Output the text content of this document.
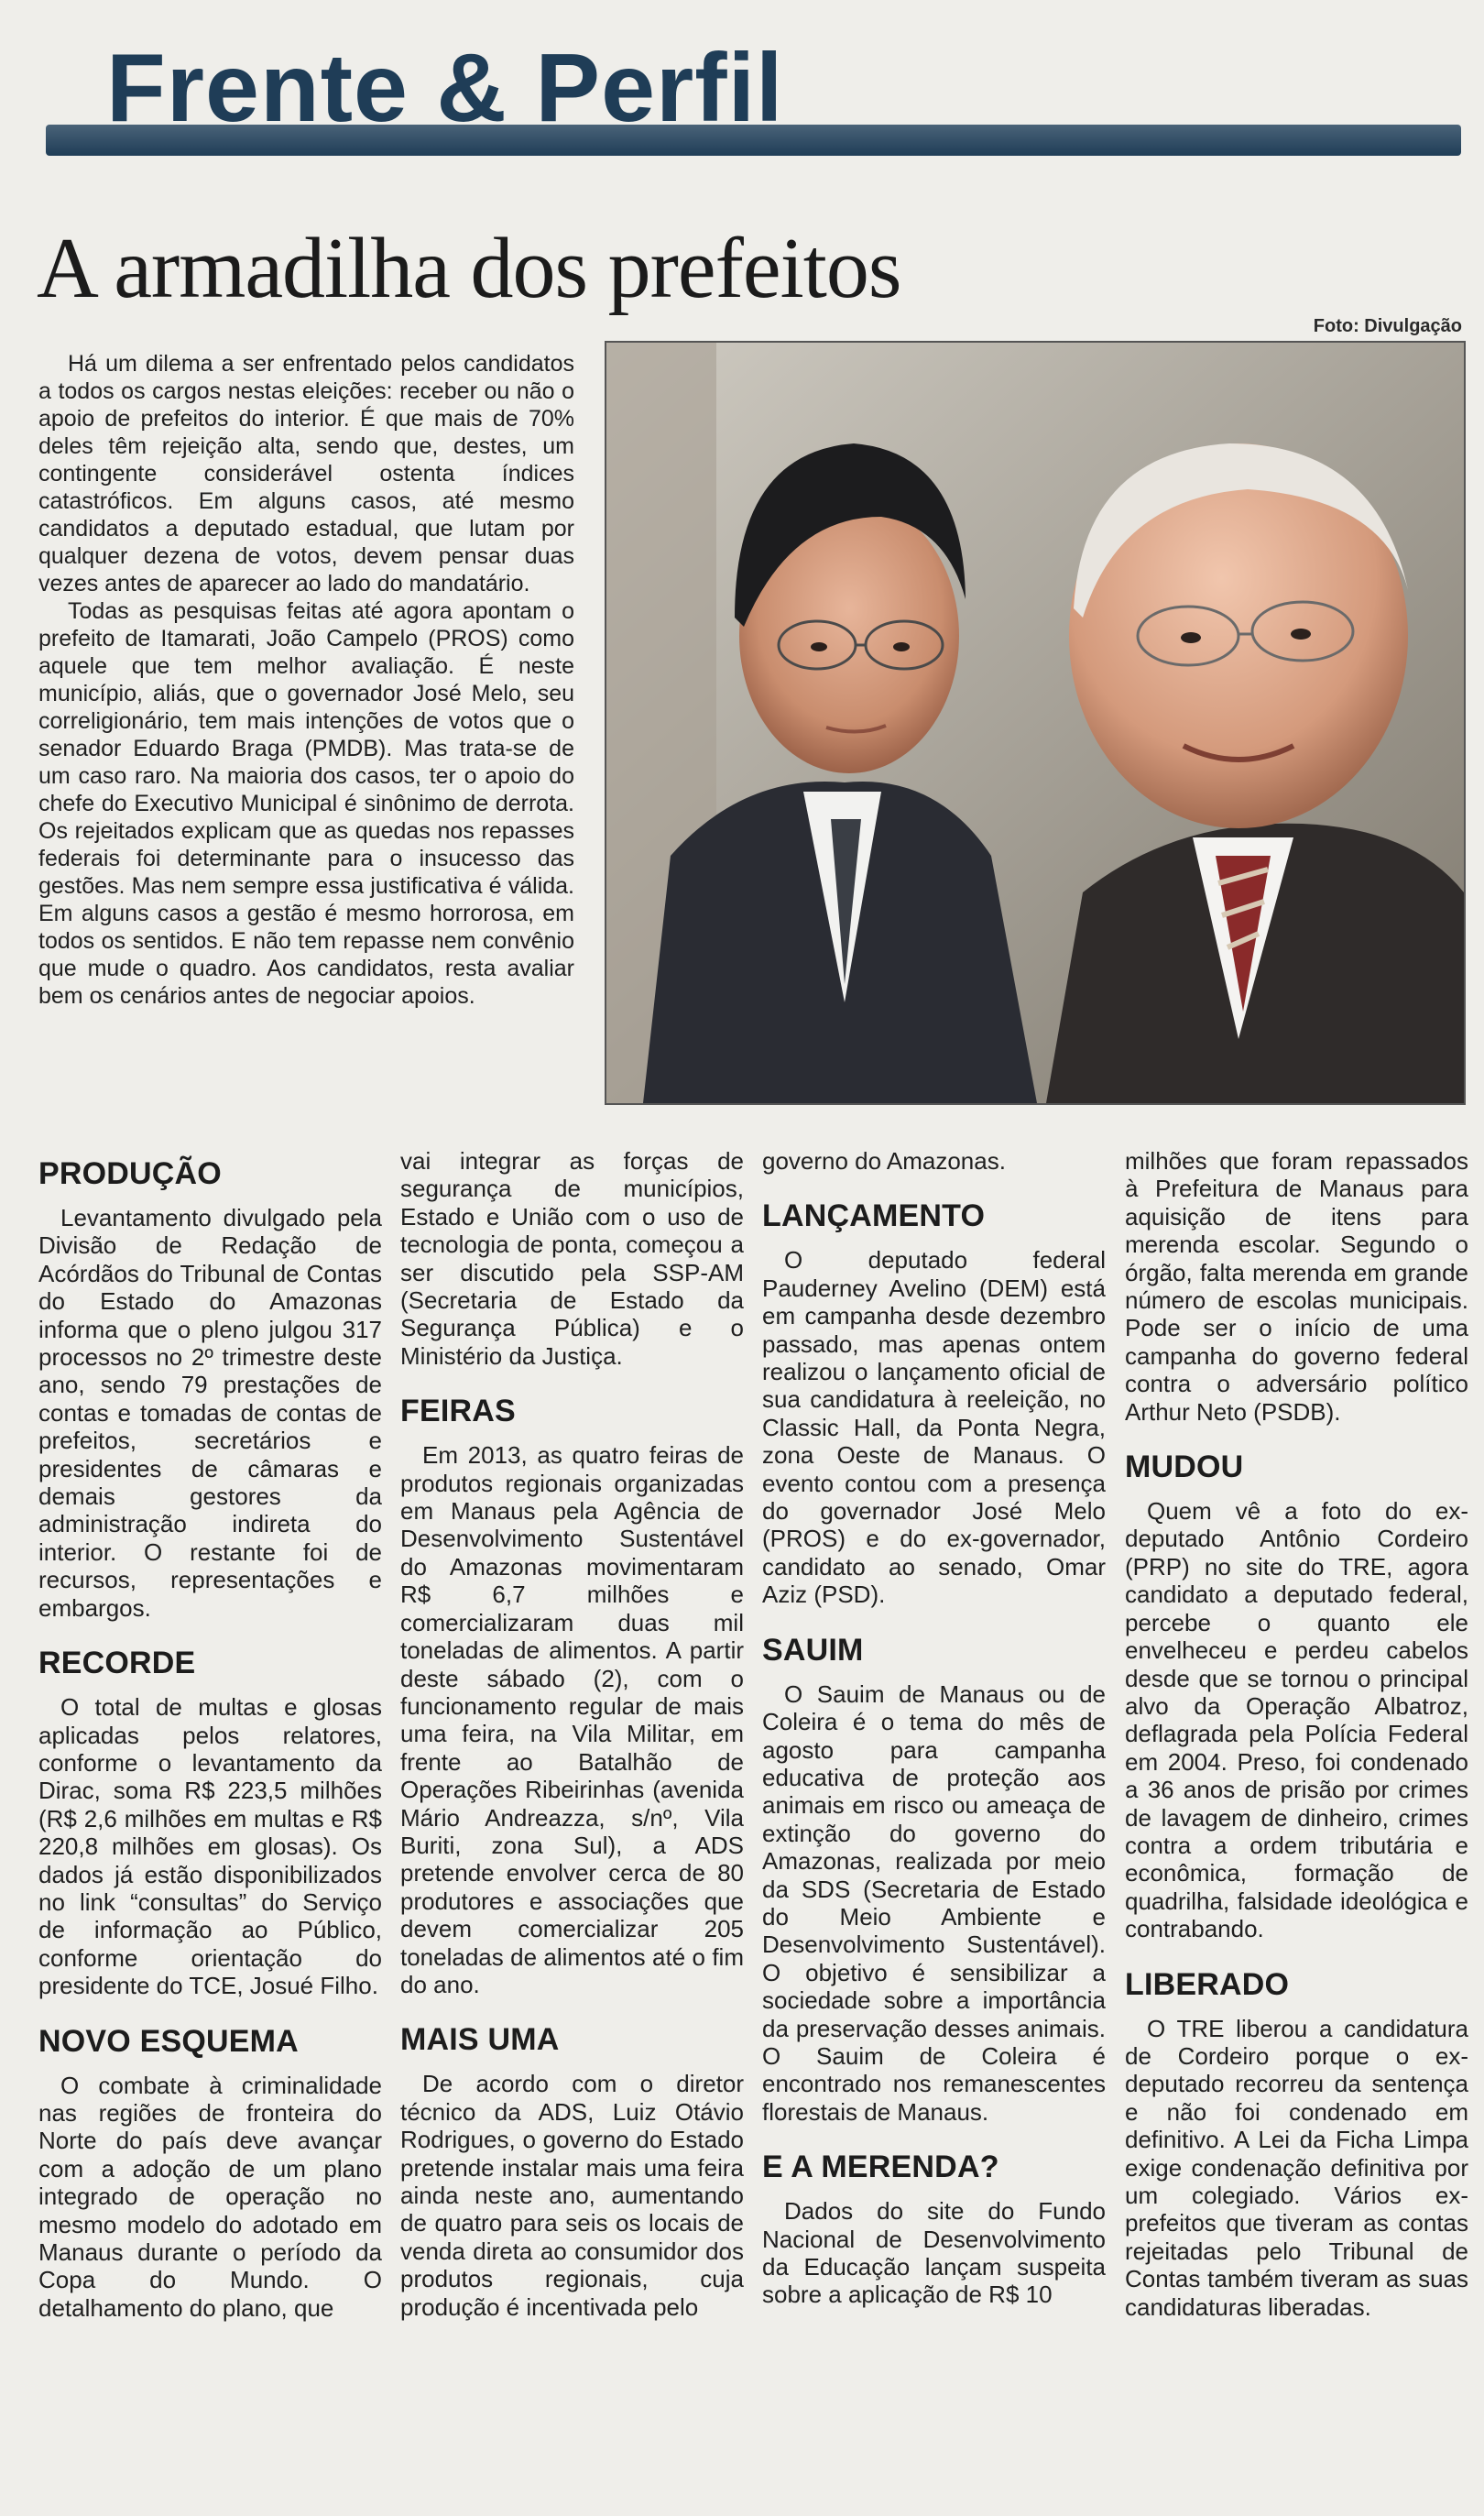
Frente & Perfil
A armadilha dos prefeitos
Foto: Divulgação

Há um dilema a ser enfrentado pelos candidatos a todos os cargos nestas eleições: receber ou não o apoio de prefeitos do interior. É que mais de 70% deles têm rejeição alta, sendo que, destes, um contingente considerável ostenta índices catastróficos. Em alguns casos, até mesmo candidatos a deputado estadual, que lutam por qualquer dezena de votos, devem pensar duas vezes antes de aparecer ao lado do mandatário.

Todas as pesquisas feitas até agora apontam o prefeito de Itamarati, João Campelo (PROS) como aquele que tem melhor avaliação. É neste município, aliás, que o governador José Melo, seu correligionário, tem mais intenções de votos que o senador Eduardo Braga (PMDB). Mas trata-se de um caso raro. Na maioria dos casos, ter o apoio do chefe do Executivo Municipal é sinônimo de derrota. Os rejeitados explicam que as quedas nos repasses federais foi determinante para o insucesso das gestões. Mas nem sempre essa justificativa é válida. Em alguns casos a gestão é mesmo horrorosa, em todos os sentidos. E não tem repasse nem convênio que mude o quadro. Aos candidatos, resta avaliar bem os cenários antes de negociar apoios.

PRODUÇÃO

Levantamento divulgado pela Divisão de Redação de Acórdãos do Tribunal de Contas do Estado do Amazonas informa que o pleno julgou 317 processos no 2º trimestre deste ano, sendo 79 prestações de contas e tomadas de contas de prefeitos, secretários e presidentes de câmaras e demais gestores da administração indireta do interior. O restante foi de recursos, representações e embargos.

RECORDE

O total de multas e glosas aplicadas pelos relatores, conforme o levantamento da Dirac, soma R$ 223,5 milhões (R$ 2,6 milhões em multas e R$ 220,8 milhões em glosas). Os dados já estão disponibilizados no link “consultas” do Serviço de informação ao Público, conforme orientação do presidente do TCE, Josué Filho.

NOVO ESQUEMA

O combate à criminalidade nas regiões de fronteira do Norte do país deve avançar com a adoção de um plano integrado de operação no mesmo modelo do adotado em Manaus durante o período da Copa do Mundo. O detalhamento do plano, que

vai integrar as forças de segurança de municípios, Estado e União com o uso de tecnologia de ponta, começou a ser discutido pela SSP-AM (Secretaria de Estado da Segurança Pública) e o Ministério da Justiça.

FEIRAS

Em 2013, as quatro feiras de produtos regionais organizadas em Manaus pela Agência de Desenvolvimento Sustentável do Amazonas movimentaram R$ 6,7 milhões e comercializaram duas mil toneladas de alimentos. A partir deste sábado (2), com o funcionamento regular de mais uma feira, na Vila Militar, em frente ao Batalhão de Operações Ribeirinhas (avenida Mário Andreazza, s/nº, Vila Buriti, zona Sul), a ADS pretende envolver cerca de 80 produtores e associações que devem comercializar 205 toneladas de alimentos até o fim do ano.

MAIS UMA

De acordo com o diretor técnico da ADS, Luiz Otávio Rodrigues, o governo do Estado pretende instalar mais uma feira ainda neste ano, aumentando de quatro para seis os locais de venda direta ao consumidor dos produtos regionais, cuja produção é incentivada pelo

governo do Amazonas.

LANÇAMENTO

O deputado federal Pauderney Avelino (DEM) está em campanha desde dezembro passado, mas apenas ontem realizou o lançamento oficial de sua candidatura à reeleição, no Classic Hall, da Ponta Negra, zona Oeste de Manaus. O evento contou com a presença do governador José Melo (PROS) e do ex-governador, candidato ao senado, Omar Aziz (PSD).

SAUIM

O Sauim de Manaus ou de Coleira é o tema do mês de agosto para campanha educativa de proteção aos animais em risco ou ameaça de extinção do governo do Amazonas, realizada por meio da SDS (Secretaria de Estado do Meio Ambiente e Desenvolvimento Sustentável). O objetivo é sensibilizar a sociedade sobre a importância da preservação desses animais. O Sauim de Coleira é encontrado nos remanescentes florestais de Manaus.

E A MERENDA?

Dados do site do Fundo Nacional de Desenvolvimento da Educação lançam suspeita sobre a aplicação de R$ 10

milhões que foram repassados à Prefeitura de Manaus para aquisição de itens para merenda escolar. Segundo o órgão, falta merenda em grande número de escolas municipais. Pode ser o início de uma campanha do governo federal contra o adversário político Arthur Neto (PSDB).

MUDOU

Quem vê a foto do ex-deputado Antônio Cordeiro (PRP) no site do TRE, agora candidato a deputado federal, percebe o quanto ele envelheceu e perdeu cabelos desde que se tornou o principal alvo da Operação Albatroz, deflagrada pela Polícia Federal em 2004. Preso, foi condenado a 36 anos de prisão por crimes de lavagem de dinheiro, crimes contra a ordem tributária e econômica, formação de quadrilha, falsidade ideológica e contrabando.

LIBERADO

O TRE liberou a candidatura de Cordeiro porque o ex-deputado recorreu da sentença e não foi condenado em definitivo. A Lei da Ficha Limpa exige condenação definitiva por um colegiado. Vários ex-prefeitos que tiveram as contas rejeitadas pelo Tribunal de Contas também tiveram as suas candidaturas liberadas.
